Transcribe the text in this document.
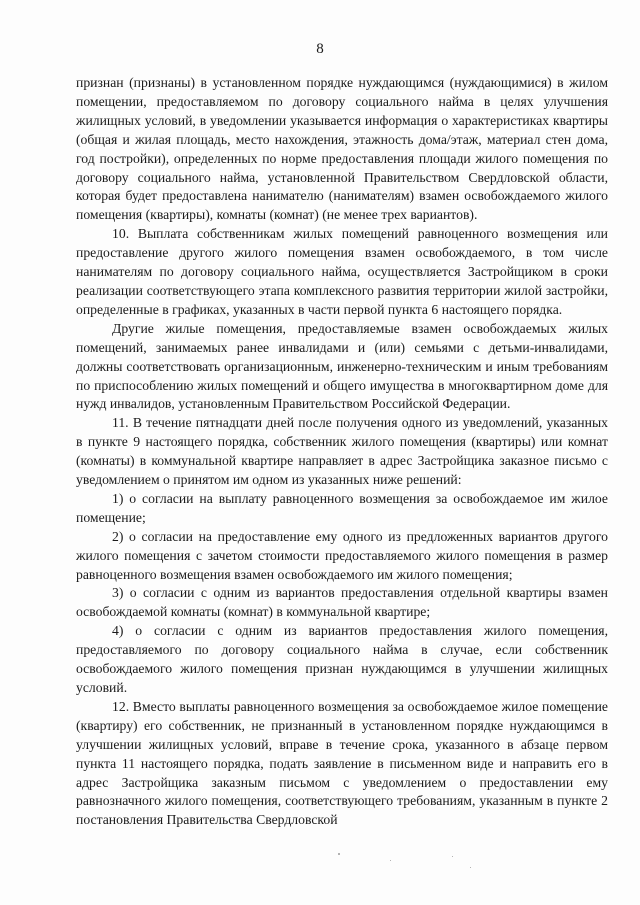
8

признан (признаны) в установленном порядке нуждающимся (нуждающимися) в жилом помещении, предоставляемом по договору социального найма в целях улучшения жилищных условий, в уведомлении указывается информация о характеристиках квартиры (общая и жилая площадь, место нахождения, этажность дома/этаж, материал стен дома, год постройки), определенных по норме предоставления площади жилого помещения по договору социального найма, установленной Правительством Свердловской области, которая будет предоставлена нанимателю (нанимателям) взамен освобождаемого жилого помещения (квартиры), комнаты (комнат) (не менее трех вариантов).

10. Выплата собственникам жилых помещений равноценного возмещения или предоставление другого жилого помещения взамен освобождаемого, в том числе нанимателям по договору социального найма, осуществляется Застройщиком в сроки реализации соответствующего этапа комплексного развития территории жилой застройки, определенные в графиках, указанных в части первой пункта 6 настоящего порядка.

Другие жилые помещения, предоставляемые взамен освобождаемых жилых помещений, занимаемых ранее инвалидами и (или) семьями с детьми-инвалидами, должны соответствовать организационным, инженерно-техническим и иным требованиям по приспособлению жилых помещений и общего имущества в многоквартирном доме для нужд инвалидов, установленным Правительством Российской Федерации.

11. В течение пятнадцати дней после получения одного из уведомлений, указанных в пункте 9 настоящего порядка, собственник жилого помещения (квартиры) или комнат (комнаты) в коммунальной квартире направляет в адрес Застройщика заказное письмо с уведомлением о принятом им одном из указанных ниже решений:

1) о согласии на выплату равноценного возмещения за освобождаемое им жилое помещение;

2) о согласии на предоставление ему одного из предложенных вариантов другого жилого помещения с зачетом стоимости предоставляемого жилого помещения в размер равноценного возмещения взамен освобождаемого им жилого помещения;

3) о согласии с одним из вариантов предоставления отдельной квартиры взамен освобождаемой комнаты (комнат) в коммунальной квартире;

4) о согласии с одним из вариантов предоставления жилого помещения, предоставляемого по договору социального найма в случае, если собственник освобождаемого жилого помещения признан нуждающимся в улучшении жилищных условий.

12. Вместо выплаты равноценного возмещения за освобождаемое жилое помещение (квартиру) его собственник, не признанный в установленном порядке нуждающимся в улучшении жилищных условий, вправе в течение срока, указанного в абзаце первом пункта 11 настоящего порядка, подать заявление в письменном виде и направить его в адрес Застройщика заказным письмом с уведомлением о предоставлении ему равнозначного жилого помещения, соответствующего требованиям, указанным в пункте 2 постановления Правительства Свердловской
